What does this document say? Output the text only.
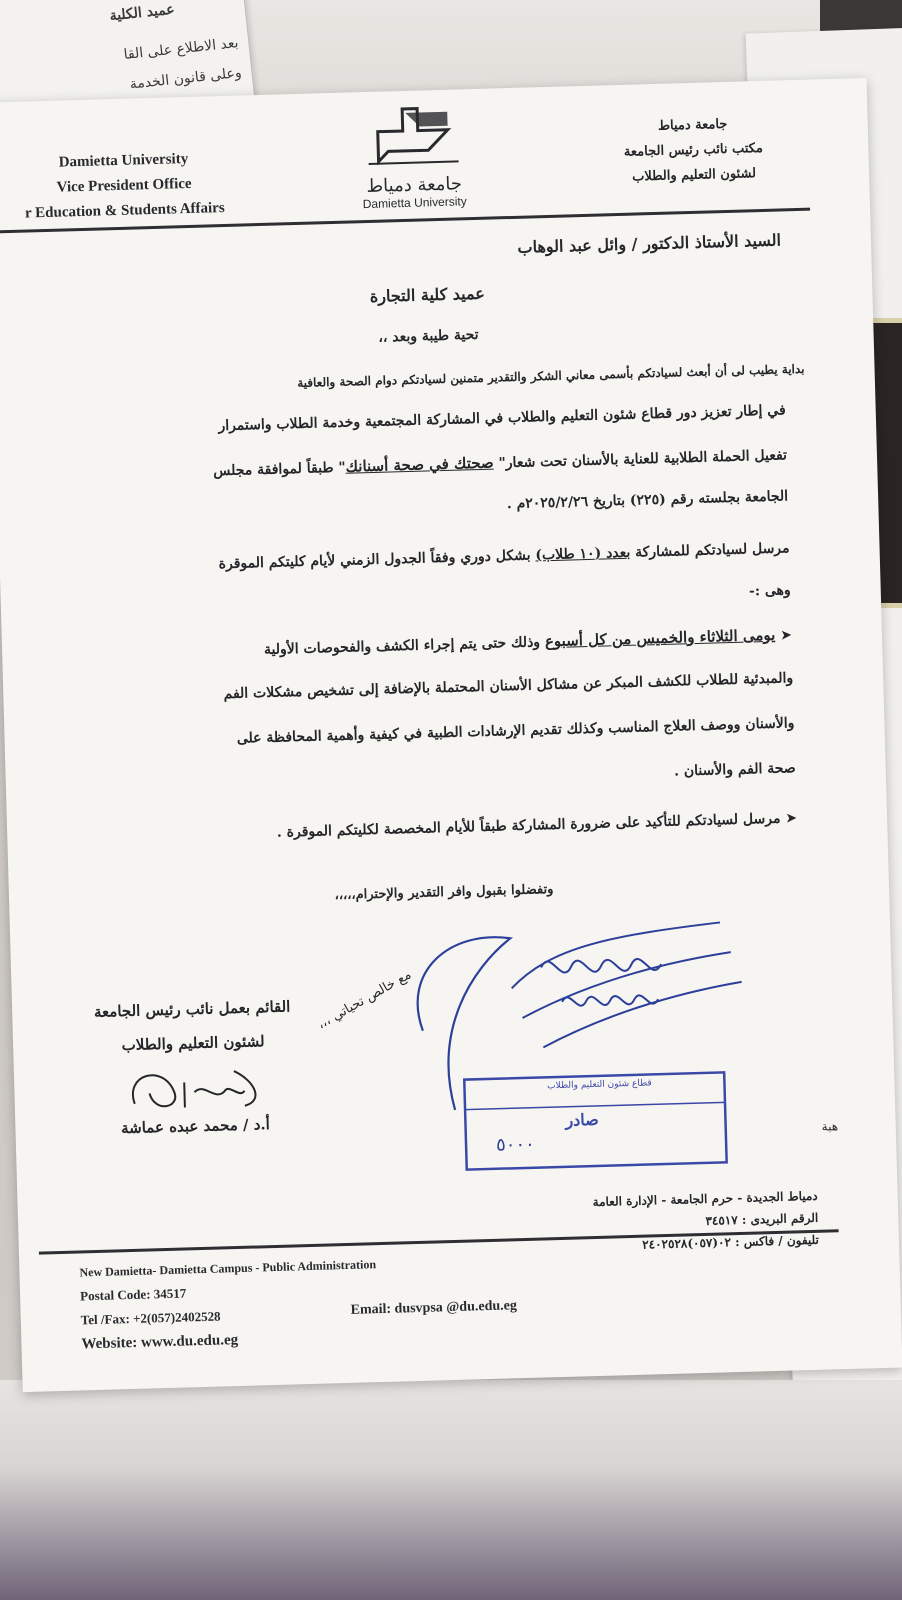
عميد الكلية
بعد الاطلاع على القا
وعلى قانون الخدمة
Damietta University
Vice President Office
r Education & Students Affairs
جامعة دمياط
Damietta University
جامعة دمياط
مكتب نائب رئيس الجامعة
لشئون التعليم والطلاب
السيد الأستاذ الدكتور / وائل عبد الوهاب
عميد كلية التجارة
تحية طيبة وبعد ،،
بداية يطيب لى أن أبعث لسيادتكم بأسمى معاني الشكر والتقدير متمنين لسيادتكم دوام الصحة والعافية
في إطار تعزيز دور قطاع شئون التعليم والطلاب في المشاركة المجتمعية وخدمة الطلاب واستمرار
تفعيل الحملة الطلابية للعناية بالأسنان تحت شعار" صحتك في صحة أسنانك" طبقاً لموافقة مجلس
الجامعة بجلسته رقم (٢٢٥) بتاريخ ٢٠٢٥/٢/٢٦م .
مرسل لسيادتكم للمشاركة بعدد (١٠ طلاب) بشكل دوري وفقاً الجدول الزمني لأيام كليتكم الموقرة
وهى :-
➤ يومى الثلاثاء والخميس من كل أسبوع وذلك حتى يتم إجراء الكشف والفحوصات الأولية
والمبدئية للطلاب للكشف المبكر عن مشاكل الأسنان المحتملة بالإضافة إلى تشخيص مشكلات الفم
والأسنان ووصف العلاج المناسب وكذلك تقديم الإرشادات الطبية في كيفية وأهمية المحافظة على
صحة الفم والأسنان .
➤ مرسل لسيادتكم للتأكيد على ضرورة المشاركة طبقاً للأيام المخصصة لكليتكم الموقرة .
وتفضلوا بقبول وافر التقدير والإحترام،،،،،
مع خالص تحياتي ،،،
قطاع شئون التعليم والطلاب
صادر
٥٠٠٠
هبة
القائم بعمل نائب رئيس الجامعة
لشئون التعليم والطلاب
أ.د / محمد عبده عماشة
دمياط الجديدة - حرم الجامعة - الإدارة العامة
الرقم البريدى : ٣٤٥١٧
تليفون / فاكس : ٠٢(٠٥٧)٢٤٠٢٥٢٨
New Damietta- Damietta Campus - Public Administration
Postal Code: 34517
Tel /Fax: +2(057)2402528
Website: www.du.edu.eg
Email: dusvpsa @du.edu.eg
